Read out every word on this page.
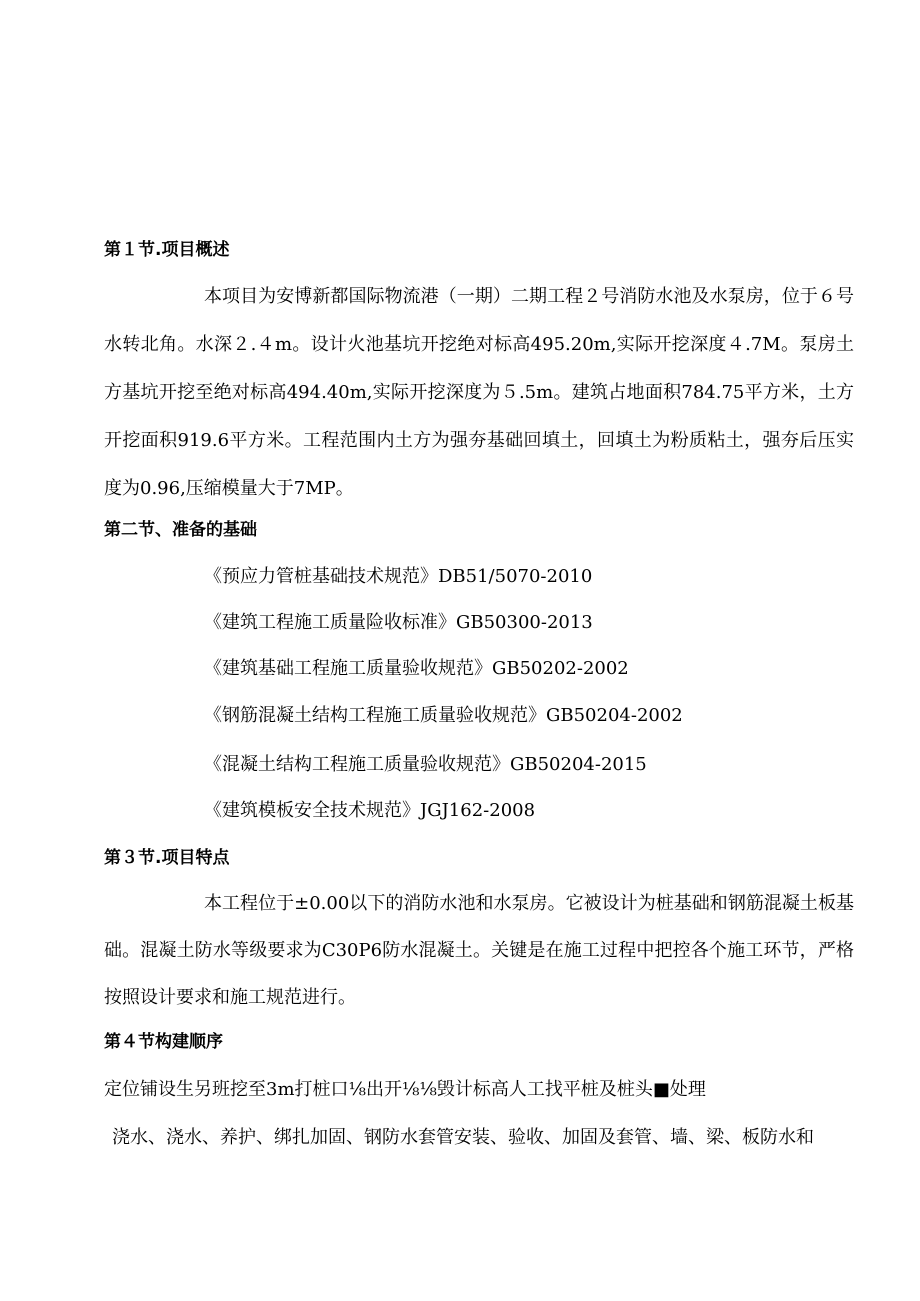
第１节.项目概述
本项目为安博新都国际物流港（一期）二期工程２号消防水池及水泵房，位于６号水转北角。水深２.４m。设计火池基坑开挖绝对标高495.20m,实际开挖深度４.7M。泵房土方基坑开挖至绝对标高494.40m,实际开挖深度为５.5m。建筑占地面积784.75平方米，土方开挖面积919.6平方米。工程范围内土方为强夯基础回填土，回填土为粉质粘土，强夯后压实度为0.96,压缩模量大于7MP。
第二节、准备的基础
《预应力管桩基础技术规范》DB51/5070-2010
《建筑工程施工质量险收标准》GB50300-2013
《建筑基础工程施工质量验收规范》GB50202-2002
《钢筋混凝土结构工程施工质量验收规范》GB50204-2002
《混凝土结构工程施工质量验收规范》GB50204-2015
《建筑模板安全技术规范》JGJ162-2008
第３节.项目特点
本工程位于±0.00以下的消防水池和水泵房。它被设计为桩基础和钢筋混凝土板基础。混凝土防水等级要求为C30P6防水混凝土。关键是在施工过程中把控各个施工环节，严格按照设计要求和施工规范进行。
第４节构建顺序
定位铺设生另班挖至3m打桩口⅛出开⅛⅛毁计标高人工找平桩及桩头■处理
浇水、浇水、养护、绑扎加固、钢防水套管安装、验收、加固及套管、墙、梁、板防水和
